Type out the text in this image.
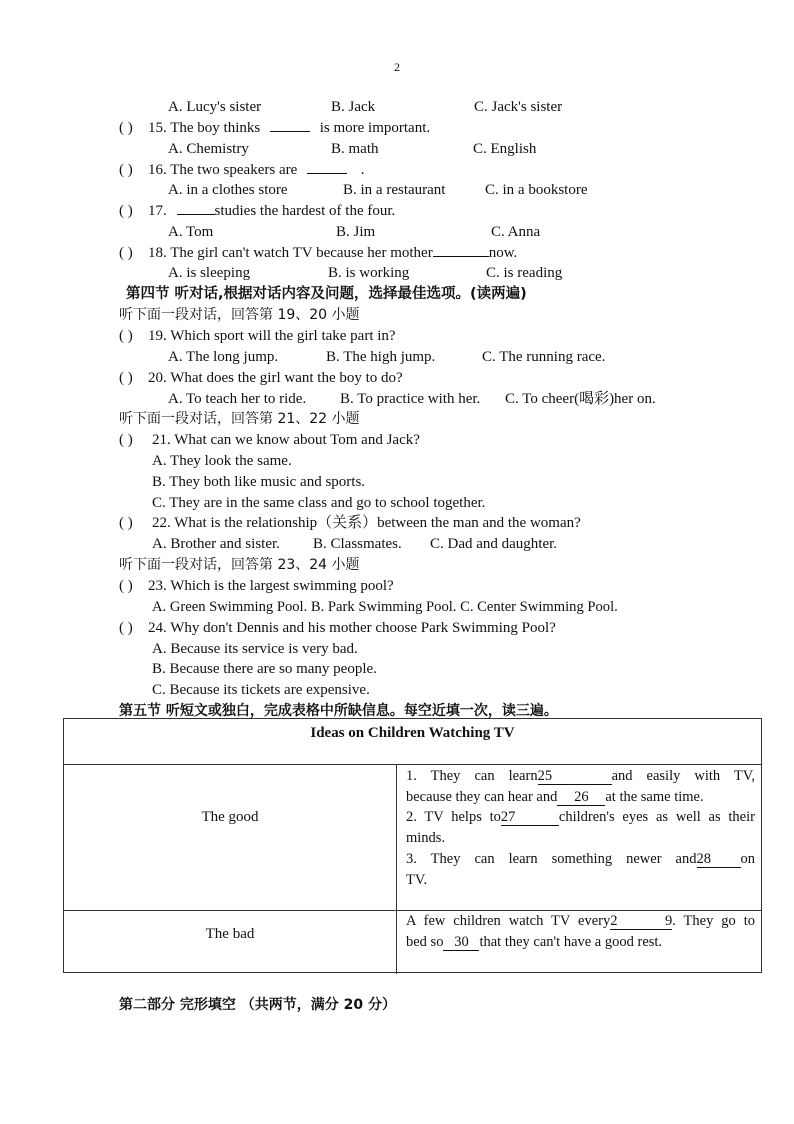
2
A. Lucy's sister	B. Jack	C. Jack's sister
( ) 15. The boy thinks	is more important.
A. Chemistry	B. math	C. English
( ) 16. The two speakers are	.
A. in a clothes store	B. in a restaurant	C. in a bookstore
( ) 17.	studies the hardest of the four.
A. Tom	B. Jim	C. Anna
( ) 18. The girl can't watch TV because her mother	now.
A. is sleeping	B. is working	C. is reading
第四节 听对话,根据对话内容及问题，选择最佳选项。(读两遍)
听下面一段对话，回答第 19、20 小题
( ) 19. Which sport will the girl take part in?
A. The long jump.	B. The high jump.	C. The running race.
( ) 20. What does the girl want the boy to do?
A. To teach her to ride. B. To practice with her. C. To cheer(喝彩)her on.
听下面一段对话，回答第 21、22 小题
( ) 21. What can we know about Tom and Jack?
A. They look the same.
B. They both like music and sports.
C. They are in the same class and go to school together.
( ) 22. What is the relationship（关系）between the man and the woman?
A. Brother and sister. B. Classmates. C. Dad and daughter.
听下面一段对话，回答第 23、24 小题
( ) 23. Which is the largest swimming pool?
A. Green Swimming Pool. B. Park Swimming Pool. C. Center Swimming Pool.
( ) 24. Why don't Dennis and his mother choose Park Swimming Pool?
A. Because its service is very bad.
B. Because there are so many people.
C. Because its tickets are expensive.
第五节 听短文或独白，完成表格中所缺信息。每空近填一次，读三遍。
Ideas on Children Watching TV
The good
1. They can learn25	and easily with TV,
because they can hear and 26 at the same time.
2. TV helps to27	children's eyes as well as their
minds.
3. They can learn something newer and28 on
TV.
The bad
A few children watch TV every2 9. They go to
bed so 30 that they can't have a good rest.
第二部分 完形填空 （共两节，满分 20 分）
